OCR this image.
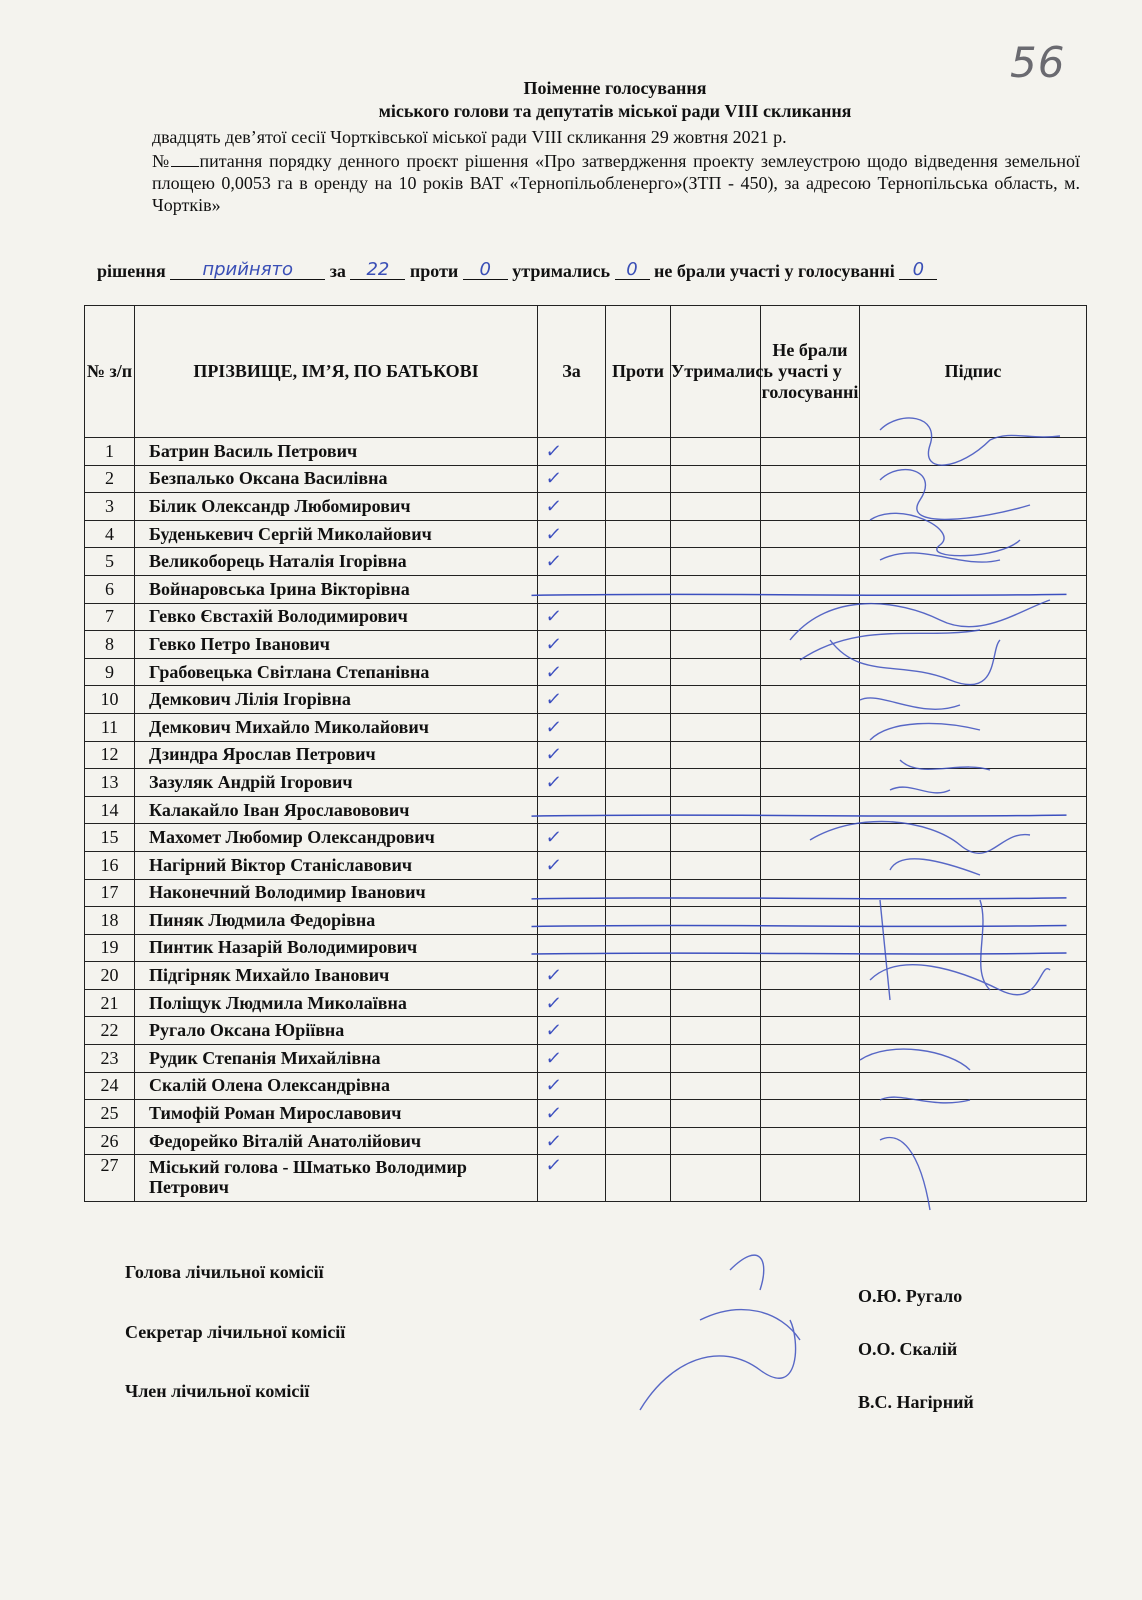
56
Поіменне голосування
міського голови та депутатів міської ради VIII скликання
двадцять дев’ятої сесії Чортківської міської ради VIII скликання 29 жовтня 2021 р.
№ питання порядку денного проєкт рішення «Про затвердження проекту землеустрою щодо відведення земельної площею 0,0053 га в оренду на 10 років ВАТ «Тернопільобленерго»(ЗТП - 450), за адресою Тернопільська область, м. Чортків»
рішення прийнято за 22 проти 0 утримались 0 не брали участі у голосуванні 0
№ з/п	ПРІЗВИЩЕ, ІМ’Я, ПО БАТЬКОВІ	За	Проти	Утримались	Не брали участі у голосуванні	Підпис
1	Батрин Василь Петрович	✓				
2	Безпалько Оксана Василівна	✓				
3	Білик Олександр Любомирович	✓				
4	Буденькевич Сергій Миколайович	✓				
5	Великоборець Наталія Ігорівна	✓				
6	Войнаровська Ірина Вікторівна					
7	Гевко Євстахій Володимирович	✓				
8	Гевко Петро Іванович	✓				
9	Грабовецька Світлана Степанівна	✓				
10	Демкович Лілія Ігорівна	✓				
11	Демкович Михайло Миколайович	✓				
12	Дзиндра Ярослав Петрович	✓				
13	Зазуляк Андрій Ігорович	✓				
14	Калакайло Іван Ярославовович					
15	Махомет Любомир Олександрович	✓				
16	Нагірний Віктор Станіславович	✓				
17	Наконечний Володимир Іванович					
18	Пиняк Людмила Федорівна					
19	Пинтик Назарій Володимирович					
20	Підгірняк Михайло Іванович	✓				
21	Поліщук Людмила Миколаївна	✓				
22	Ругало Оксана Юріївна	✓				
23	Рудик Степанія Михайлівна	✓				
24	Скалій Олена Олександрівна	✓				
25	Тимофій Роман Мирославович	✓				
26	Федорейко Віталій Анатолійович	✓				
27	Міський голова - Шматько Володимир Петрович	✓				
Голова лічильної комісії
О.Ю. Ругало
Секретар лічильної комісії
О.О. Скалій
Член лічильної комісії
В.С. Нагірний
